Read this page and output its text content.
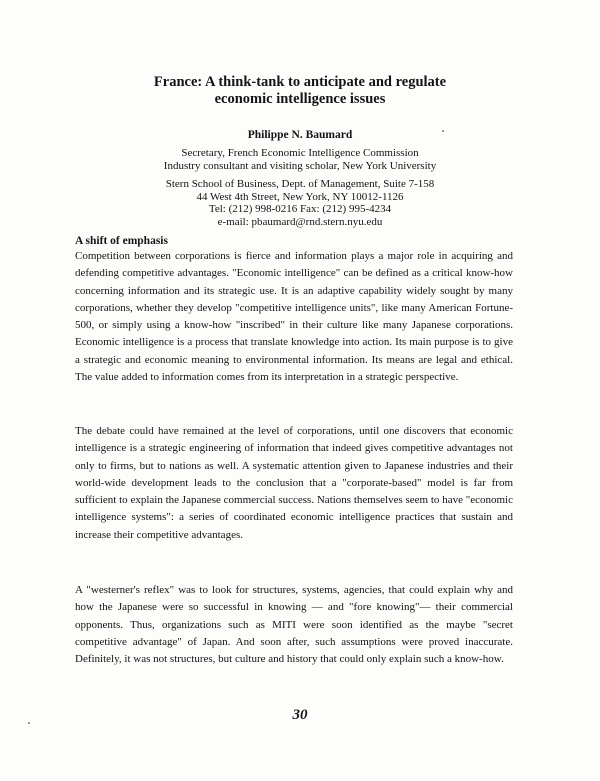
France: A think-tank to anticipate and regulate
economic intelligence issues
Philippe N. Baumard
Secretary, French Economic Intelligence Commission
Industry consultant and visiting scholar, New York University
Stern School of Business, Dept. of Management, Suite 7-158
44 West 4th Street, New York, NY 10012-1126
Tel: (212) 998-0216 Fax: (212) 995-4234
e-mail: pbaumard@rnd.stern.nyu.edu
A shift of emphasis

Competition between corporations is fierce and information plays a major role in acquiring and defending competitive advantages. "Economic intelligence" can be defined as a critical know-how concerning information and its strategic use. It is an adaptive capability widely sought by many corporations, whether they develop "competitive intelligence units", like many American Fortune-500, or simply using a know-how "inscribed" in their culture like many Japanese corporations. Economic intelligence is a process that translate knowledge into action. Its main purpose is to give a strategic and economic meaning to environmental information. Its means are legal and ethical. The value added to information comes from its interpretation in a strategic perspective.

The debate could have remained at the level of corporations, until one discovers that economic intelligence is a strategic engineering of information that indeed gives competitive advantages not only to firms, but to nations as well. A systematic attention given to Japanese industries and their world-wide development leads to the conclusion that a "corporate-based" model is far from sufficient to explain the Japanese commercial success. Nations themselves seem to have "economic intelligence systems": a series of coordinated economic intelligence practices that sustain and increase their competitive advantages.

A "westerner's reflex" was to look for structures, systems, agencies, that could explain why and how the Japanese were so successful in knowing — and "fore knowing"— their commercial opponents. Thus, organizations such as MITI were soon identified as the maybe "secret competitive advantage" of Japan. And soon after, such assumptions were proved inaccurate. Definitely, it was not structures, but culture and history that could only explain such a know-how.

30
